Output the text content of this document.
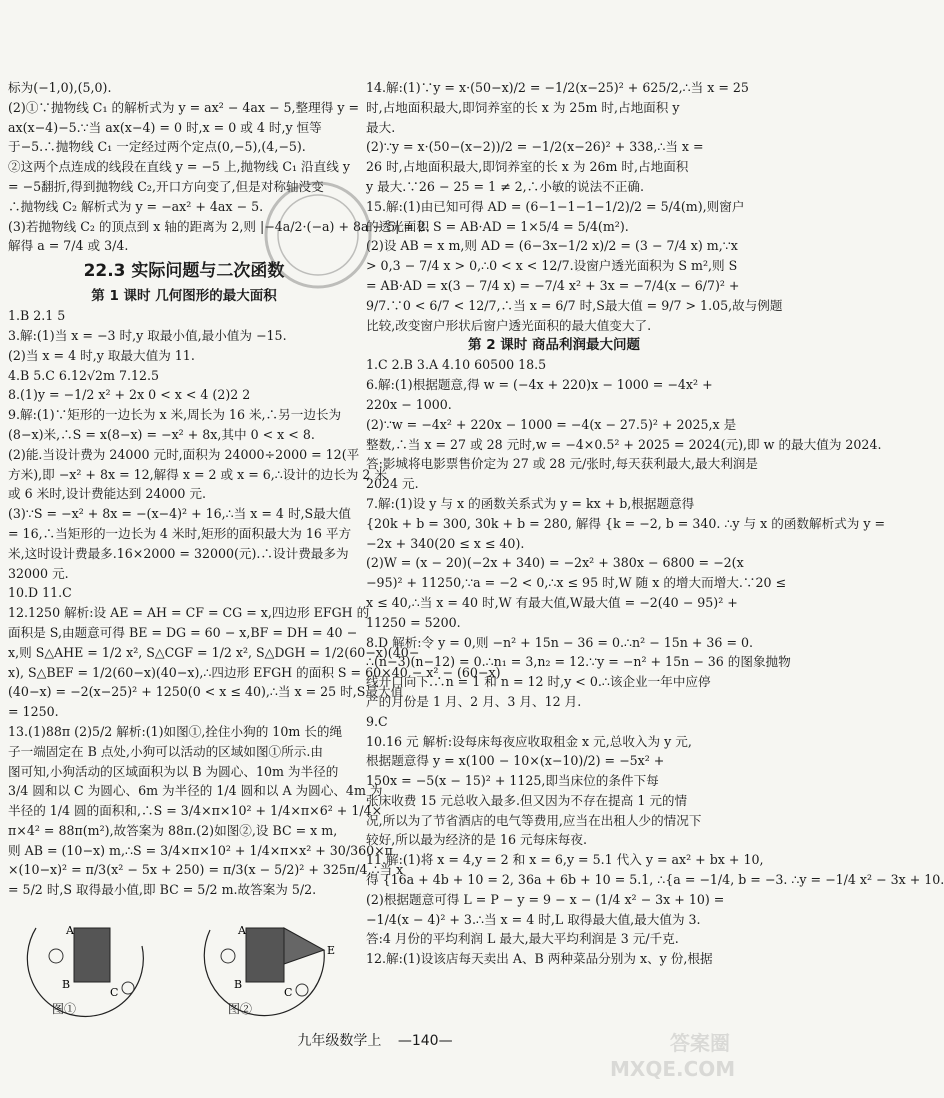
标为(−1,0),(5,0).
(2)①∵抛物线 C₁ 的解析式为 y = ax² − 4ax − 5,整理得 y =
ax(x−4)−5.∵当 ax(x−4) = 0 时,x = 0 或 4 时,y 恒等
于−5.∴抛物线 C₁ 一定经过两个定点(0,−5),(4,−5).
②这两个点连成的线段在直线 y = −5 上,抛物线 C₁ 沿直线 y
= −5翻折,得到抛物线 C₂,开口方向变了,但是对称轴没变
∴抛物线 C₂ 解析式为 y = −ax² + 4ax − 5.
(3)若抛物线 C₂ 的顶点到 x 轴的距离为 2,则 |−4a/2·(−a) + 8a − 5| = 2.
解得 a = 7/4 或 3/4.
22.3 实际问题与二次函数
第 1 课时 几何图形的最大面积
1.B 2.1 5
3.解:(1)当 x = −3 时,y 取最小值,最小值为 −15.
(2)当 x = 4 时,y 取最大值为 11.
4.B 5.C 6.12√2m 7.12.5
8.(1)y = −1/2 x² + 2x 0 < x < 4 (2)2 2
9.解:(1)∵矩形的一边长为 x 米,周长为 16 米,∴另一边长为
(8−x)米,∴S = x(8−x) = −x² + 8x,其中 0 < x < 8.
(2)能.当设计费为 24000 元时,面积为 24000÷2000 = 12(平
方米),即 −x² + 8x = 12,解得 x = 2 或 x = 6,∴设计的边长为 2 米
或 6 米时,设计费能达到 24000 元.
(3)∵S = −x² + 8x = −(x−4)² + 16,∴当 x = 4 时,S最大值
= 16,∴当矩形的一边长为 4 米时,矩形的面积最大为 16 平方
米,这时设计费最多.16×2000 = 32000(元).∴设计费最多为
32000 元.
10.D 11.C
12.1250 解析:设 AE = AH = CF = CG = x,四边形 EFGH 的
面积是 S,由题意可得 BE = DG = 60 − x,BF = DH = 40 −
x,则 S△AHE = 1/2 x², S△CGF = 1/2 x², S△DGH = 1/2(60−x)(40−
x), S△BEF = 1/2(60−x)(40−x),∴四边形 EFGH 的面积 S = 60×40 − x² − (60−x)
(40−x) = −2(x−25)² + 1250(0 < x ≤ 40),∴当 x = 25 时,S最大值
= 1250.
13.(1)88π (2)5/2 解析:(1)如图①,拴住小狗的 10m 长的绳
子一端固定在 B 点处,小狗可以活动的区域如图①所示.由
图可知,小狗活动的区域面积为以 B 为圆心、10m 为半径的
3/4 圆和以 C 为圆心、6m 为半径的 1/4 圆和以 A 为圆心、4m 为
半径的 1/4 圆的面积和,∴S = 3/4×π×10² + 1/4×π×6² + 1/4×
π×4² = 88π(m²),故答案为 88π.(2)如图②,设 BC = x m,
则 AB = (10−x) m,∴S = 3/4×π×10² + 1/4×π×x² + 30/360×π
×(10−x)² = π/3(x² − 5x + 250) = π/3(x − 5/2)² + 325π/4,∴当 x
= 5/2 时,S 取得最小值,即 BC = 5/2 m.故答案为 5/2.
A
B
C
图①
A
B
C
E
图②
14.解:(1)∵y = x·(50−x)/2 = −1/2(x−25)² + 625/2,∴当 x = 25
时,占地面积最大,即饲养室的长 x 为 25m 时,占地面积 y
最大.
(2)∵y = x·(50−(x−2))/2 = −1/2(x−26)² + 338,∴当 x =
26 时,占地面积最大,即饲养室的长 x 为 26m 时,占地面积
y 最大.∵26 − 25 = 1 ≠ 2,∴小敏的说法不正确.
15.解:(1)由已知可得 AD = (6−1−1−1−1/2)/2 = 5/4(m),则窗户
的透光面积 S = AB·AD = 1×5/4 = 5/4(m²).
(2)设 AB = x m,则 AD = (6−3x−1/2 x)/2 = (3 − 7/4 x) m,∵x
> 0,3 − 7/4 x > 0,∴0 < x < 12/7.设窗户透光面积为 S m²,则 S
= AB·AD = x(3 − 7/4 x) = −7/4 x² + 3x = −7/4(x − 6/7)² +
9/7.∵0 < 6/7 < 12/7,∴当 x = 6/7 时,S最大值 = 9/7 > 1.05,故与例题
比较,改变窗户形状后窗户透光面积的最大值变大了.
第 2 课时 商品利润最大问题
1.C 2.B 3.A 4.10 60500 18.5
6.解:(1)根据题意,得 w = (−4x + 220)x − 1000 = −4x² +
220x − 1000.
(2)∵w = −4x² + 220x − 1000 = −4(x − 27.5)² + 2025,x 是
整数,∴当 x = 27 或 28 元时,w = −4×0.5² + 2025 = 2024(元),即 w 的最大值为 2024.
答:影城将电影票售价定为 27 或 28 元/张时,每天获利最大,最大利润是
2024 元.
7.解:(1)设 y 与 x 的函数关系式为 y = kx + b,根据题意得
{20k + b = 300, 30k + b = 280, 解得 {k = −2, b = 340. ∴y 与 x 的函数解析式为 y =
−2x + 340(20 ≤ x ≤ 40).
(2)W = (x − 20)(−2x + 340) = −2x² + 380x − 6800 = −2(x
−95)² + 11250,∵a = −2 < 0,∴x ≤ 95 时,W 随 x 的增大而增大.∵20 ≤
x ≤ 40,∴当 x = 40 时,W 有最大值,W最大值 = −2(40 − 95)² +
11250 = 5200.
8.D 解析:令 y = 0,则 −n² + 15n − 36 = 0.∴n² − 15n + 36 = 0.
∴(n−3)(n−12) = 0.∴n₁ = 3,n₂ = 12.∵y = −n² + 15n − 36 的图象抛物
线开口向下.∴n = 1 和 n = 12 时,y < 0.∴该企业一年中应停
产的月份是 1 月、2 月、3 月、12 月.
9.C
10.16 元 解析:设每床每夜应收取租金 x 元,总收入为 y 元,
根据题意得 y = x(100 − 10×(x−10)/2) = −5x² +
150x = −5(x − 15)² + 1125,即当床位的条件下每
张床收费 15 元总收入最多.但又因为不存在提高 1 元的情
况,所以为了节省酒店的电气等费用,应当在出租人少的情况下
较好,所以最为经济的是 16 元每床每夜.
11.解:(1)将 x = 4,y = 2 和 x = 6,y = 5.1 代入 y = ax² + bx + 10,
得 {16a + 4b + 10 = 2, 36a + 6b + 10 = 5.1, ∴{a = −1/4, b = −3. ∴y = −1/4 x² − 3x + 10.
(2)根据题意可得 L = P − y = 9 − x − (1/4 x² − 3x + 10) =
−1/4(x − 4)² + 3.∴当 x = 4 时,L 取得最大值,最大值为 3.
答:4 月份的平均利润 L 最大,最大平均利润是 3 元/千克.
12.解:(1)设该店每天卖出 A、B 两种菜品分别为 x、y 份,根据
九年级数学上 —140—	答案圈
MXQE.COM
